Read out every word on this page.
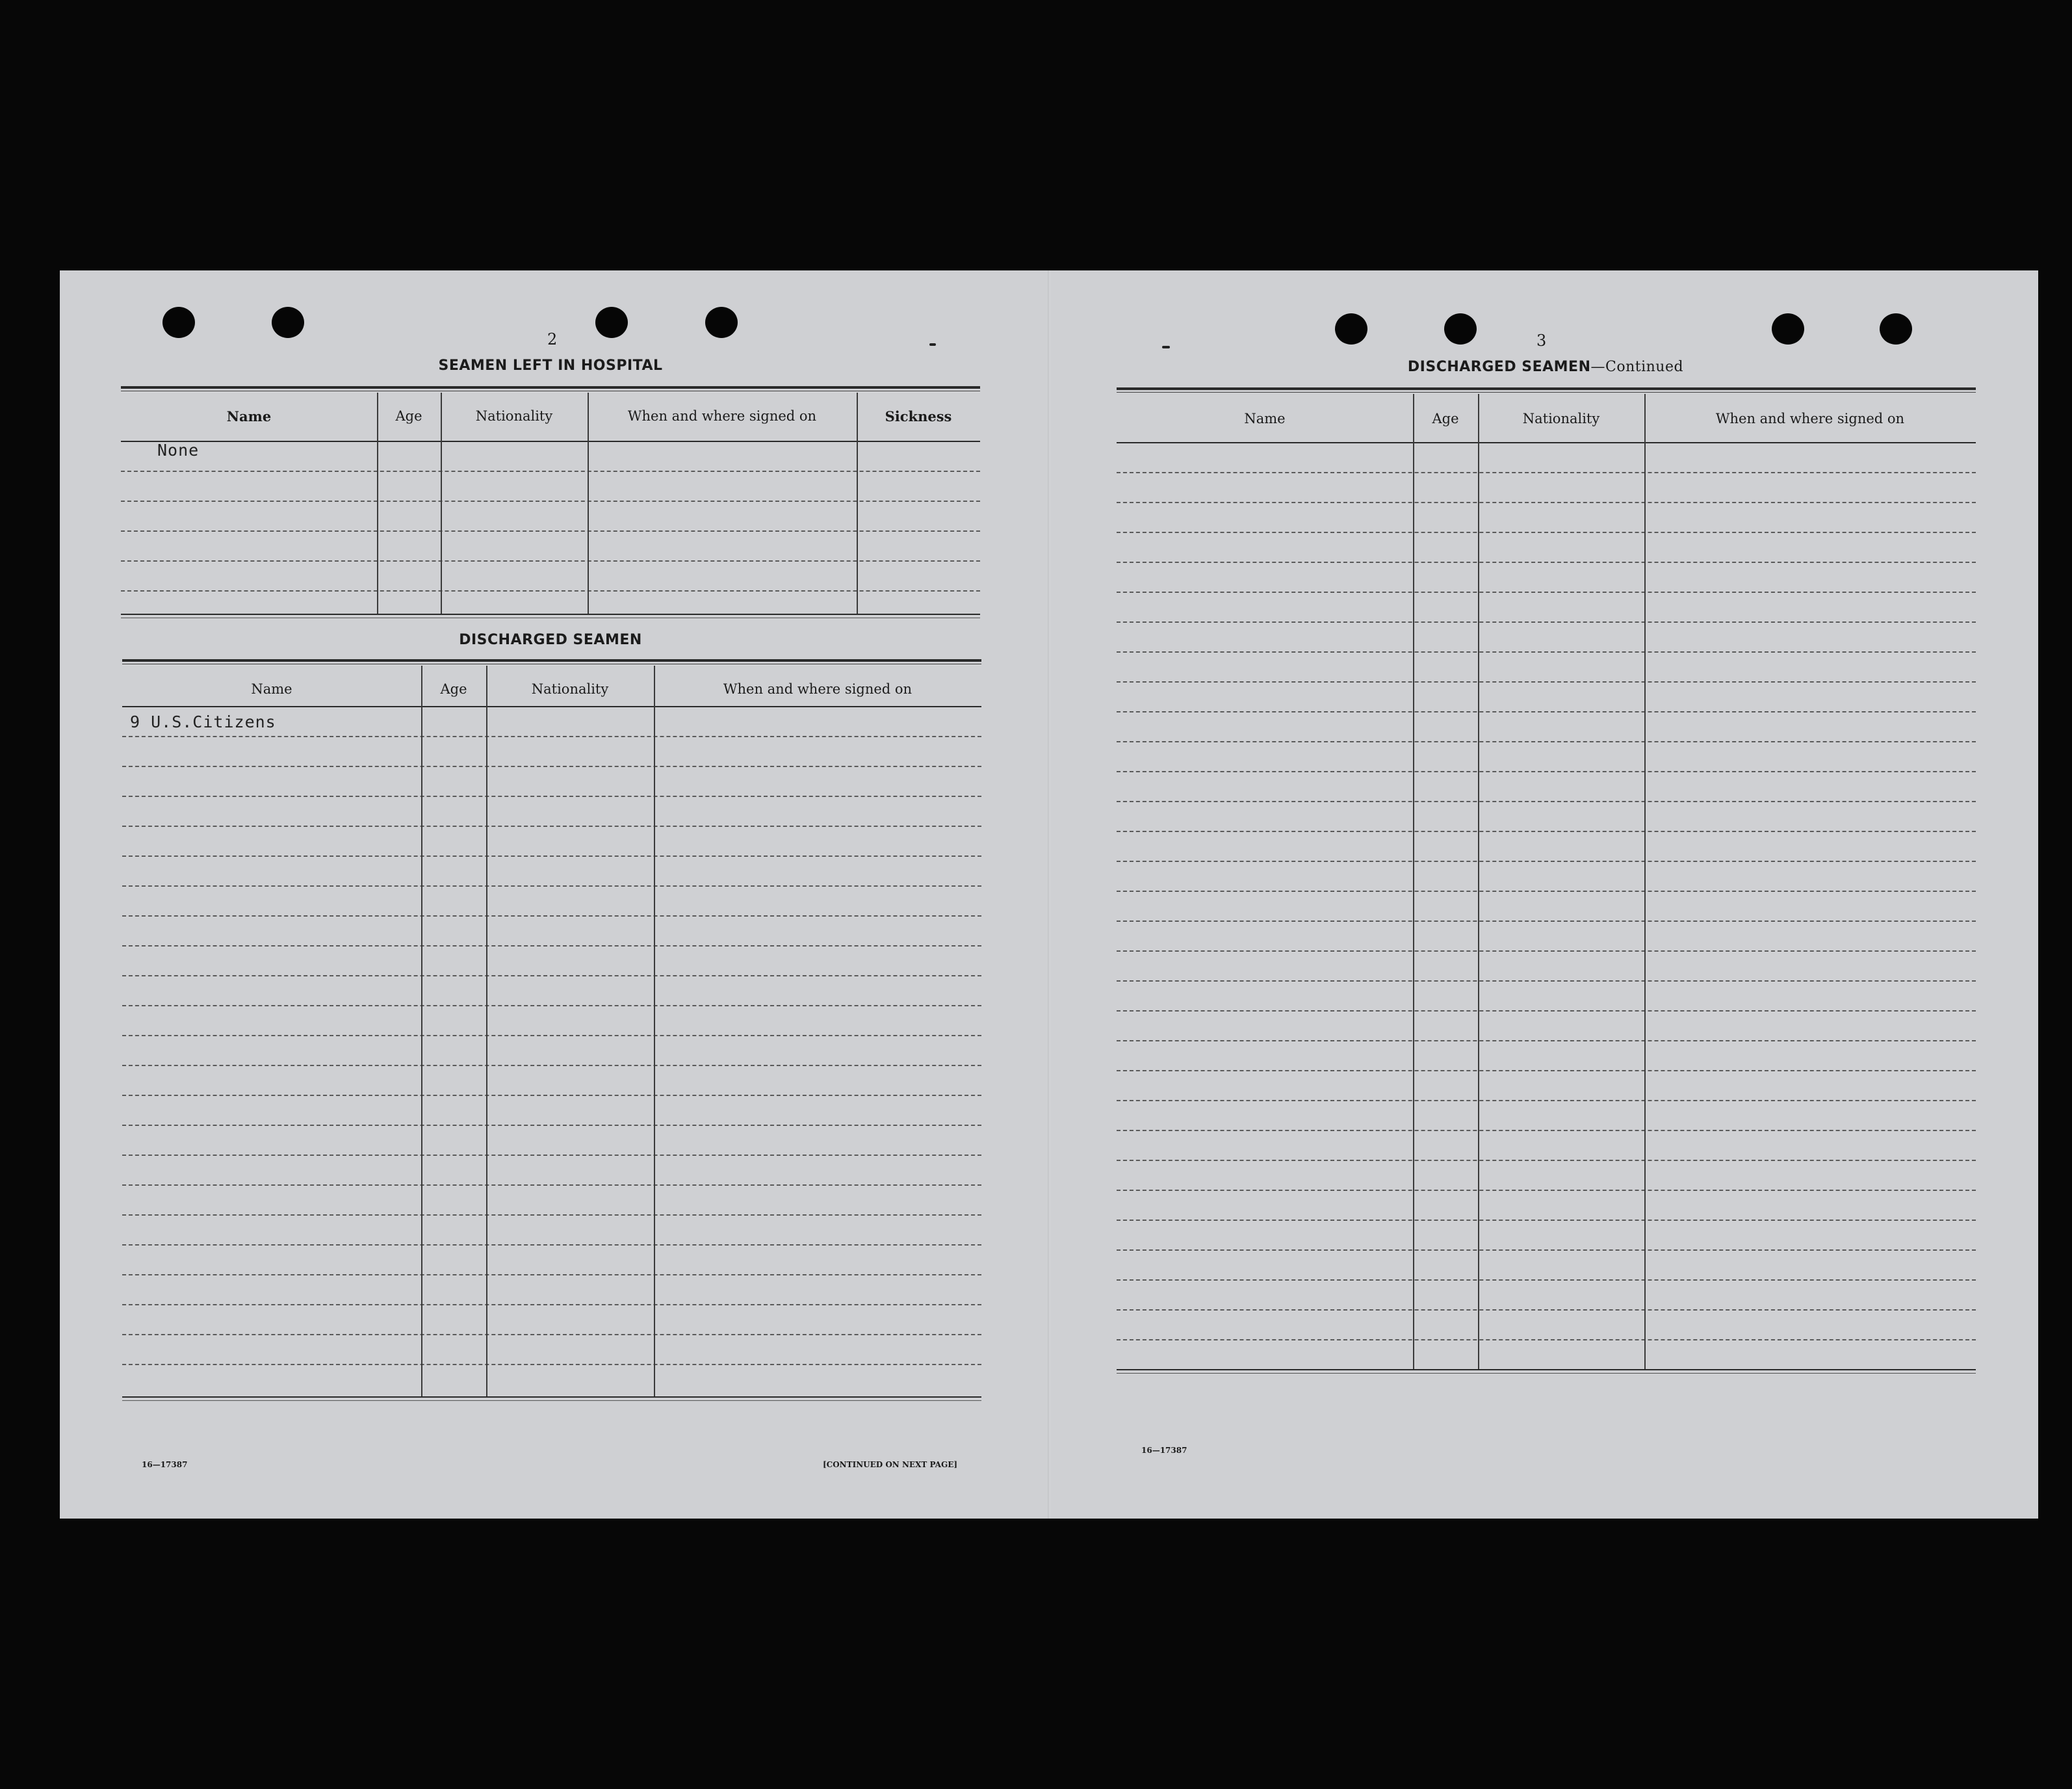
2
SEAMEN LEFT IN HOSPITAL
Name	Age	Nationality	When and where signed on	Sickness
None
DISCHARGED SEAMEN
Name	Age	Nationality	When and where signed on
9 U.S.Citizens
16—17387	[CONTINUED ON NEXT PAGE]
3
DISCHARGED SEAMEN—Continued
Name	Age	Nationality	When and where signed on
16—17387
